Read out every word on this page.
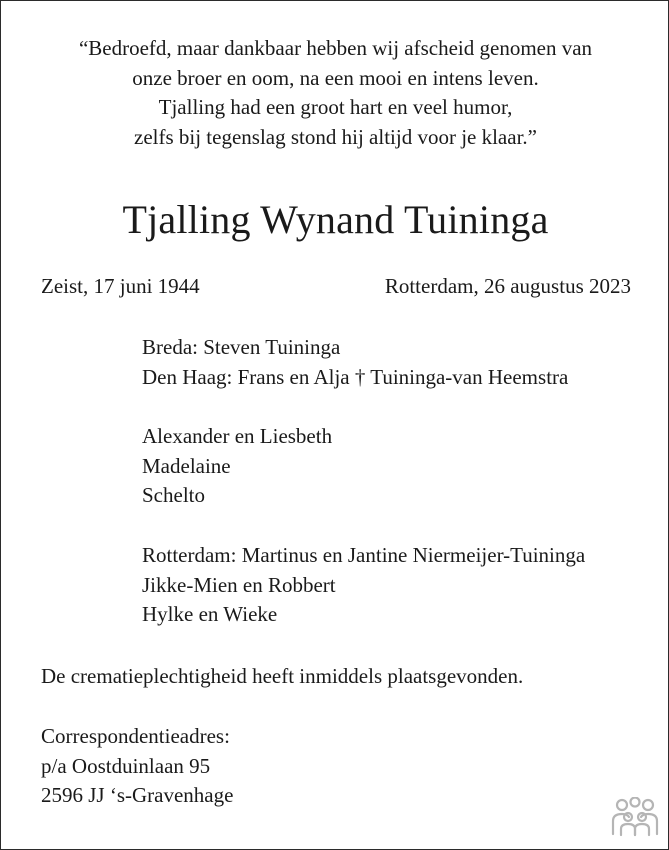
“Bedroefd, maar dankbaar hebben wij afscheid genomen van
onze broer en oom, na een mooi en intens leven.
Tjalling had een groot hart en veel humor,
zelfs bij tegenslag stond hij altijd voor je klaar.”
Tjalling Wynand Tuininga
Zeist, 17 juni 1944	Rotterdam, 26 augustus 2023
Breda: Steven Tuininga
Den Haag: Frans en Alja † Tuininga-van Heemstra
Alexander en Liesbeth
Madelaine
Schelto
Rotterdam: Martinus en Jantine Niermeijer-Tuininga
Jikke-Mien en Robbert
Hylke en Wieke
De crematieplechtigheid heeft inmiddels plaatsgevonden.
Correspondentieadres:
p/a Oostduinlaan 95
2596 JJ ‘s-Gravenhage
